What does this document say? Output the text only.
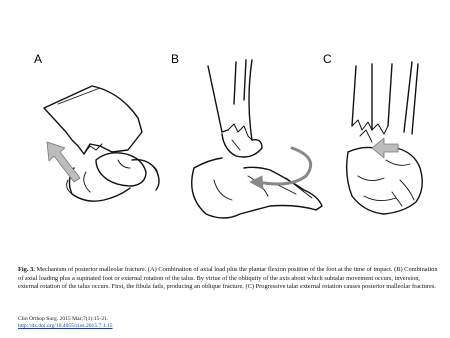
A	B	C
Fig. 3. Mechanism of posterior malleolar fracture. (A) Combination of axial load plus the plantar flexion position of the foot at the time of impact. (B) Combination of axial loading plus a supinated foot or external rotation of the talus. By virtue of the obliquity of the axis about which subtalar movement occurs, inversion, external rotation of the talus occurs. First, the fibula fails, producing an oblique fracture. (C) Progressive talar external rotation causes posterior malleolar fractures.
Clin Orthop Surg. 2015 Mar;7(1):15-21.
http://dx.doi.org/10.4055/cios.2015.7.1.15
